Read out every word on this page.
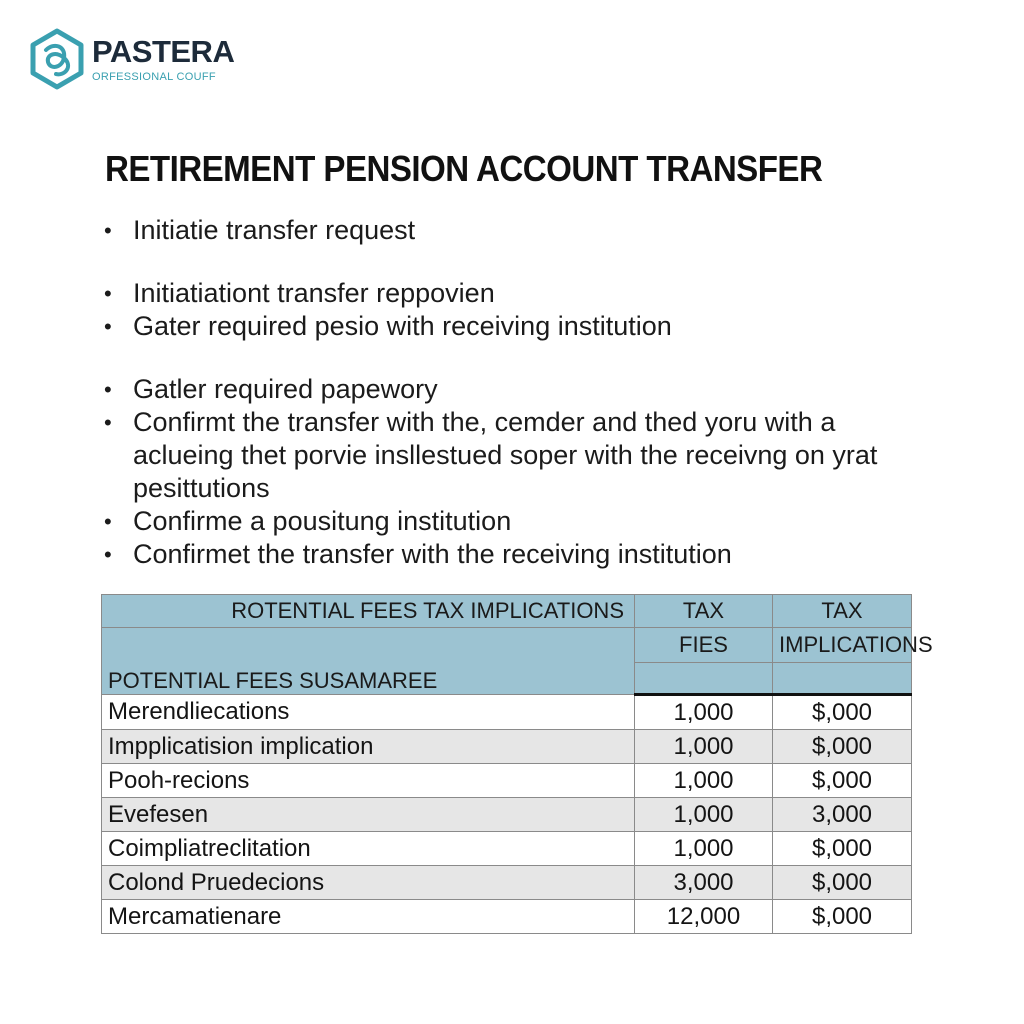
PASTERA
ORFESSIONAL COUFF
RETIREMENT PENSION ACCOUNT TRANSFER
• Initiatie transfer request
• Initiatiationt transfer reppovien
• Gater required pesio with receiving institution
• Gatler required papewory
• Confirmt the transfer with the, cemder and thed yoru with a aclueing thet porvie insllestued soper with the receivng on yrat pesittutions
• Confirme a pousitung institution
• Confirmet the transfer with the receiving institution
ROTENTIAL FEES TAX IMPLICATIONS	TAX	TAX
POTENTIAL FEES SUSAMAREE	FIES	IMPLICATIONS

Merendliecations	1,000	$,000
Impplicatision implication	1,000	$,000
Pooh-recions	1,000	$,000
Evefesen	1,000	3,000
Coimpliatreclitation	1,000	$,000
Colond Pruedecions	3,000	$,000
Mercamatienare	12,000	$,000
